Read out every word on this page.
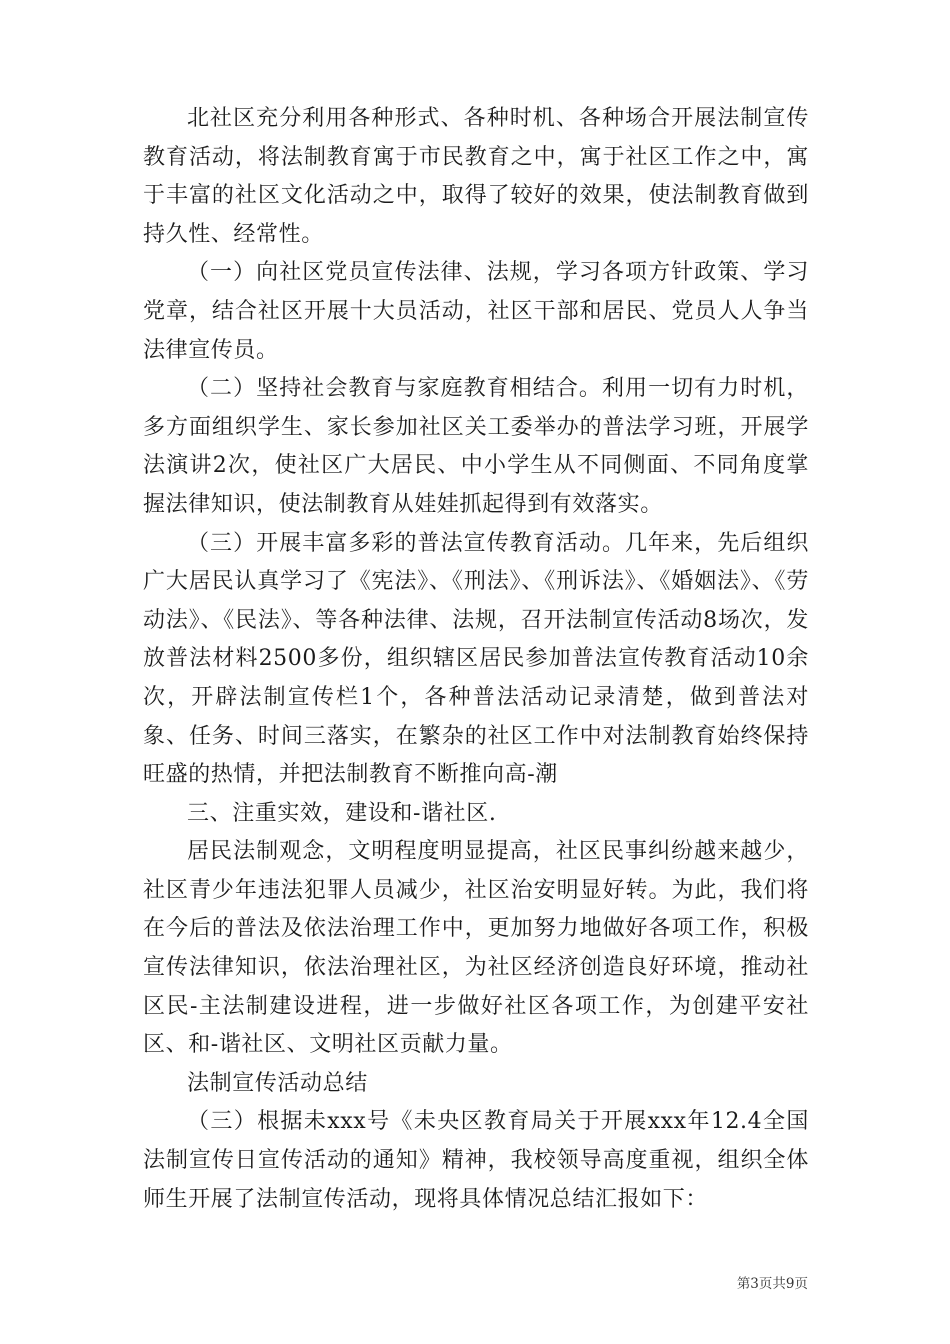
北社区充分利用各种形式、各种时机、各种场合开展法制宣传教育活动，将法制教育寓于市民教育之中，寓于社区工作之中，寓于丰富的社区文化活动之中，取得了较好的效果，使法制教育做到持久性、经常性。

（一）向社区党员宣传法律、法规，学习各项方针政策、学习党章，结合社区开展十大员活动，社区干部和居民、党员人人争当法律宣传员。

（二）坚持社会教育与家庭教育相结合。利用一切有力时机，多方面组织学生、家长参加社区关工委举办的普法学习班，开展学法演讲2次，使社区广大居民、中小学生从不同侧面、不同角度掌握法律知识，使法制教育从娃娃抓起得到有效落实。

（三）开展丰富多彩的普法宣传教育活动。几年来，先后组织广大居民认真学习了《宪法》、《刑法》、《刑诉法》、《婚姻法》、《劳动法》、《民法》、等各种法律、法规，召开法制宣传活动8场次，发放普法材料2500多份，组织辖区居民参加普法宣传教育活动10余次，开辟法制宣传栏1个，各种普法活动记录清楚，做到普法对象、任务、时间三落实，在繁杂的社区工作中对法制教育始终保持旺盛的热情，并把法制教育不断推向高-潮

三、注重实效，建设和-谐社区.

居民法制观念，文明程度明显提高，社区民事纠纷越来越少，社区青少年违法犯罪人员减少，社区治安明显好转。为此，我们将在今后的普法及依法治理工作中，更加努力地做好各项工作，积极宣传法律知识，依法治理社区，为社区经济创造良好环境，推动社区民-主法制建设进程，进一步做好社区各项工作，为创建平安社区、和-谐社区、文明社区贡献力量。

法制宣传活动总结

（三）根据未xxx号《未央区教育局关于开展xxx年12.4全国法制宣传日宣传活动的通知》精神，我校领导高度重视，组织全体师生开展了法制宣传活动，现将具体情况总结汇报如下：

第3页共9页
